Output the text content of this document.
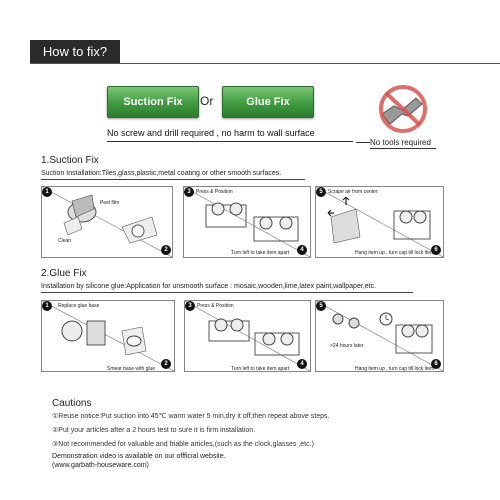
How to fix?
Suction Fix	Or	Glue Fix
No screw and drill required , no harm to wall surface
No tools required
1.Suction Fix
Suction Installation:Tiles,glass,plastic,metal coating or other smooth surfaces.
1
Peel film
Clean
2
3	Press & Position
4
Turn left to take item apart
5	Scrape air from center
6
Hang item up , turn cap till lock item
2.Glue Fix
Installation by silicone glue:Application for unsmooth surface : mosaic,wooden,lime,latex paint,wallpaper,etc.
1	Replace glue base
2
Smear base with glue
3	Press & Position
4
Turn left to take item apart
5
>24 hours later
6
Hang item up , turn cap till lock item
Cautions
①Reuse notice:Put suction into 45℃ warm water 5 min,dry it off,then repeat above steps.
②Put your articles after a 2 hours test to sure it is firm installation.
③Not recommended for valuable and friable articles,(such as the clock,glasses ,etc.)
Demonstration video is available on our offficial website.
(www.garbath-houseware.com)
